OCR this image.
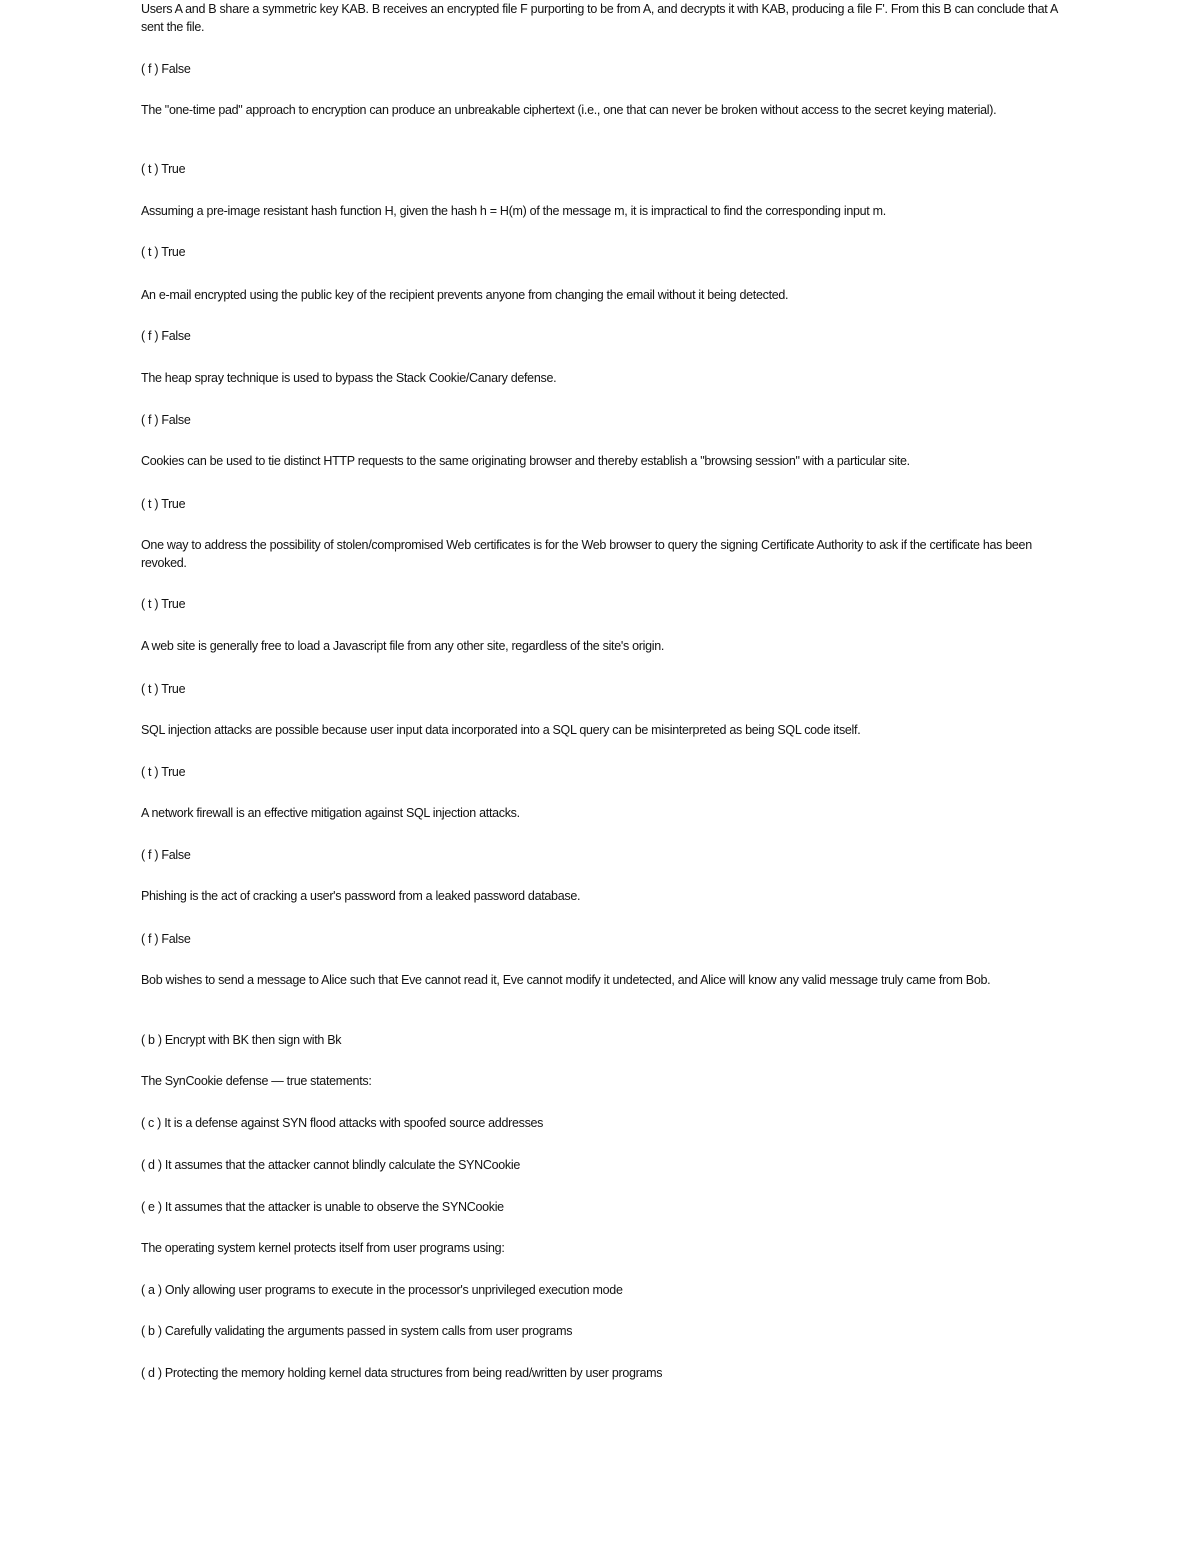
Users A and B share a symmetric key KAB. B receives an encrypted file F purporting to be from A, and decrypts it with KAB, producing a file F'. From this B can conclude that A sent the file.

( f ) False

The "one-time pad" approach to encryption can produce an unbreakable ciphertext (i.e., one that can never be broken without access to the secret keying material).

( t ) True

Assuming a pre-image resistant hash function H, given the hash h = H(m) of the message m, it is impractical to find the corresponding input m.

( t ) True

An e-mail encrypted using the public key of the recipient prevents anyone from changing the email without it being detected.

( f ) False

The heap spray technique is used to bypass the Stack Cookie/Canary defense.

( f ) False

Cookies can be used to tie distinct HTTP requests to the same originating browser and thereby establish a "browsing session" with a particular site.

( t ) True

One way to address the possibility of stolen/compromised Web certificates is for the Web browser to query the signing Certificate Authority to ask if the certificate has been revoked.

( t ) True

A web site is generally free to load a Javascript file from any other site, regardless of the site's origin.

( t ) True

SQL injection attacks are possible because user input data incorporated into a SQL query can be misinterpreted as being SQL code itself.

( t ) True

A network firewall is an effective mitigation against SQL injection attacks.

( f ) False

Phishing is the act of cracking a user's password from a leaked password database.

( f ) False

Bob wishes to send a message to Alice such that Eve cannot read it, Eve cannot modify it undetected, and Alice will know any valid message truly came from Bob.

( b ) Encrypt with BK then sign with Bk

The SynCookie defense — true statements:

( c ) It is a defense against SYN flood attacks with spoofed source addresses

( d ) It assumes that the attacker cannot blindly calculate the SYNCookie

( e ) It assumes that the attacker is unable to observe the SYNCookie

The operating system kernel protects itself from user programs using:

( a ) Only allowing user programs to execute in the processor's unprivileged execution mode

( b ) Carefully validating the arguments passed in system calls from user programs

( d ) Protecting the memory holding kernel data structures from being read/written by user programs
